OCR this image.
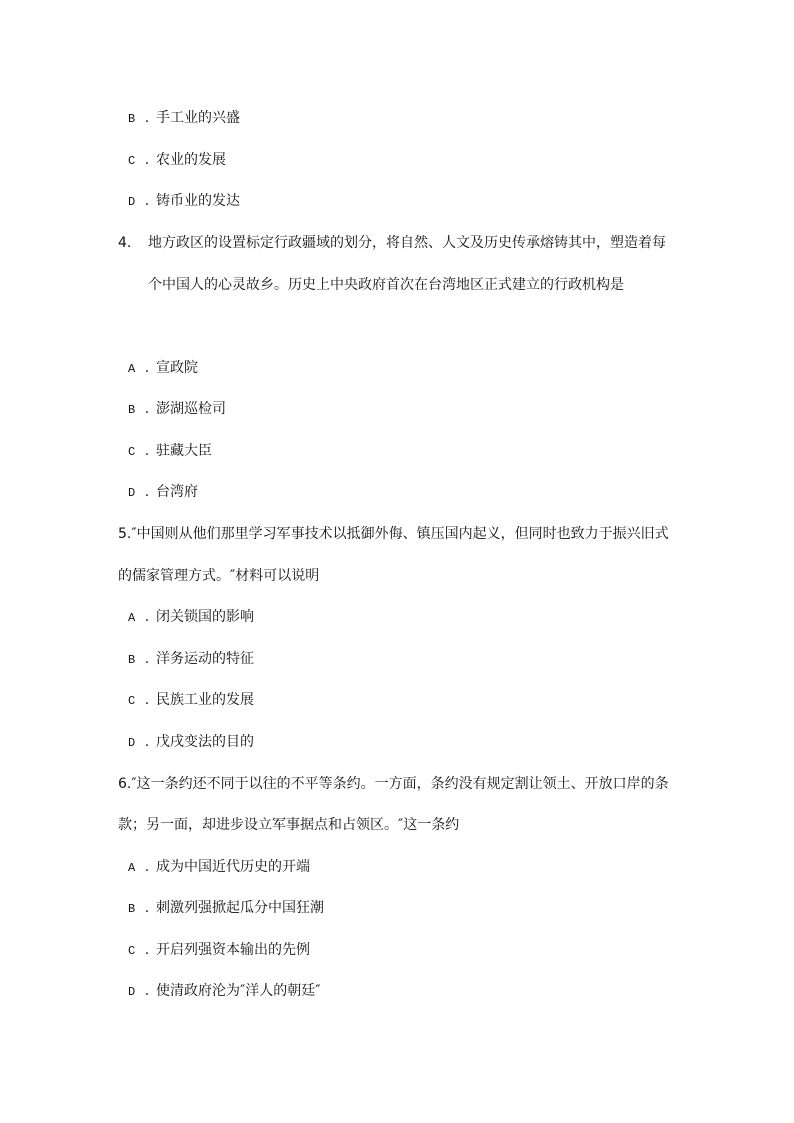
B . 手工业的兴盛
C . 农业的发展
D . 铸币业的发达
4. 地方政区的设置标定行政疆域的划分，将自然、人文及历史传承熔铸其中，塑造着每
个中国人的心灵故乡。历史上中央政府首次在台湾地区正式建立的行政机构是
A . 宣政院
B . 澎湖巡检司
C . 驻藏大臣
D . 台湾府
5.″中国则从他们那里学习军事技术以抵御外侮、镇压国内起义，但同时也致力于振兴旧式
的儒家管理方式。″材料可以说明
A . 闭关锁国的影响
B . 洋务运动的特征
C . 民族工业的发展
D . 戊戌变法的目的
6.″这一条约还不同于以往的不平等条约。一方面，条约没有规定割让领土、开放口岸的条
款；另一面，却进步设立军事据点和占领区。″这一条约
A . 成为中国近代历史的开端
B . 刺激列强掀起瓜分中国狂潮
C . 开启列强资本输出的先例
D . 使清政府沦为″洋人的朝廷″
